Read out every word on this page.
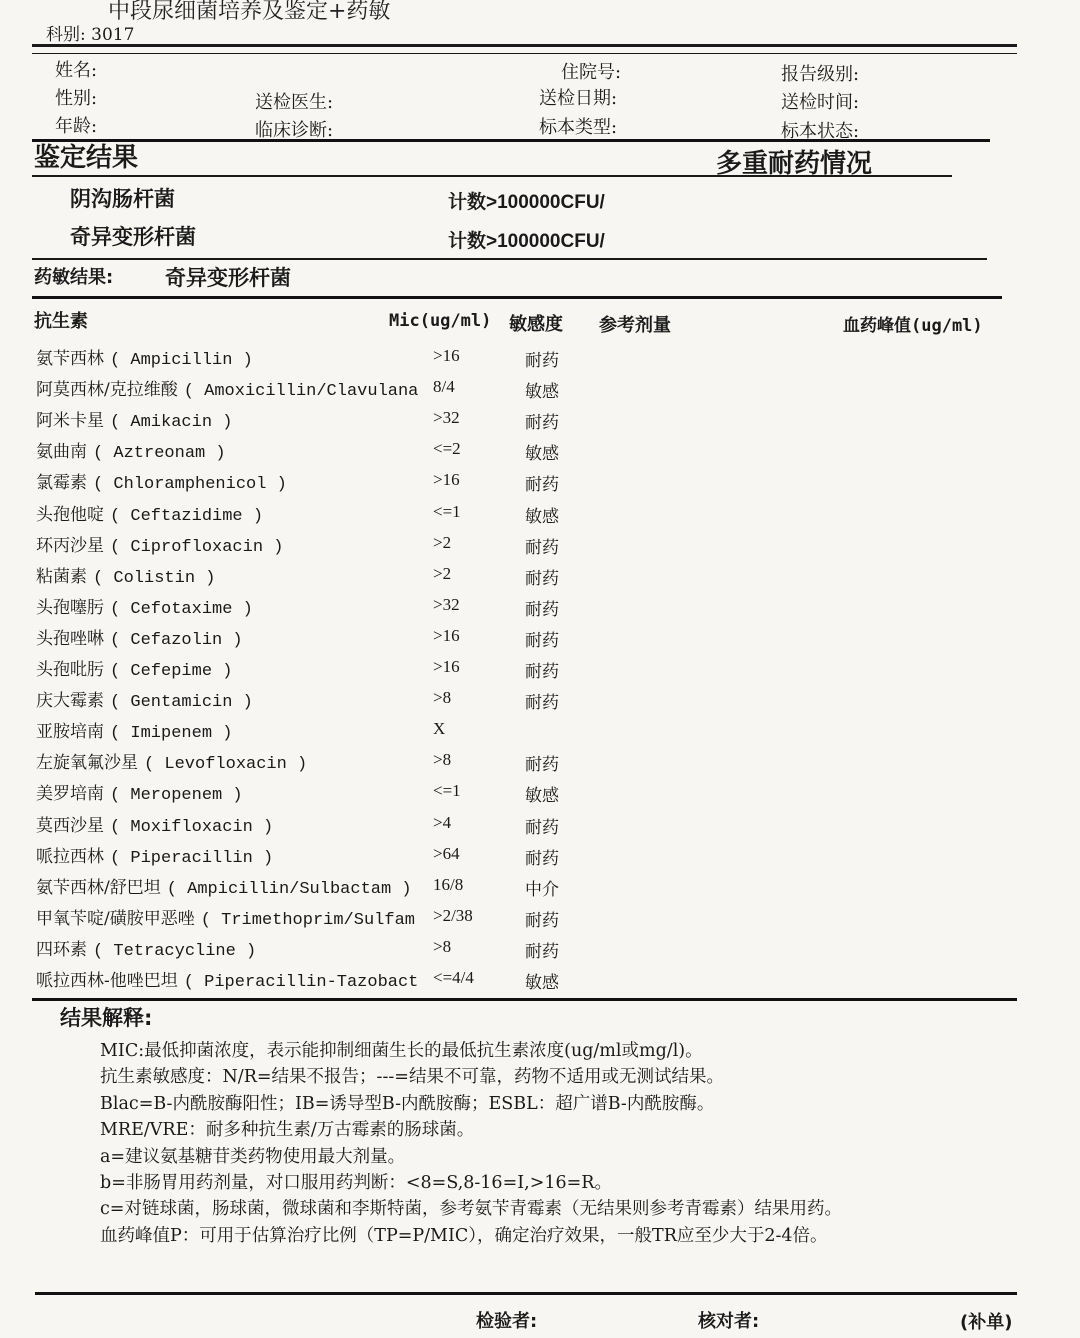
中段尿细菌培养及鉴定+药敏
科别: 3017
姓名:
性别:
年龄:
送检医生:
临床诊断:
住院号:
送检日期:
标本类型:
报告级别:
送检时间:
标本状态:
鉴定结果	多重耐药情况
阴沟肠杆菌	计数>100000CFU/
奇异变形杆菌	计数>100000CFU/
药敏结果: 奇异变形杆菌
抗生素	Mic(ug/ml) 敏感度 参考剂量	血药峰值(ug/ml)
氨苄西林 ( Ampicillin )	>16	耐药
阿莫西林/克拉维酸 ( Amoxicillin/Clavulana 8/4	敏感
阿米卡星 ( Amikacin )	>32	耐药
氨曲南 ( Aztreonam )	<=2	敏感
氯霉素 ( Chloramphenicol )	>16	耐药
头孢他啶 ( Ceftazidime )	<=1	敏感
环丙沙星 ( Ciprofloxacin )	>2	耐药
粘菌素 ( Colistin )	>2	耐药
头孢噻肟 ( Cefotaxime )	>32	耐药
头孢唑啉 ( Cefazolin )	>16	耐药
头孢吡肟 ( Cefepime )	>16	耐药
庆大霉素 ( Gentamicin )	>8	耐药
亚胺培南 ( Imipenem )	X
左旋氧氟沙星 ( Levofloxacin )	>8	耐药
美罗培南 ( Meropenem )	<=1	敏感
莫西沙星 ( Moxifloxacin )	>4	耐药
哌拉西林 ( Piperacillin )	>64	耐药
氨苄西林/舒巴坦 ( Ampicillin/Sulbactam ) 16/8	中介
甲氧苄啶/磺胺甲恶唑 ( Trimethoprim/Sulfam >2/38	耐药
四环素 ( Tetracycline )	>8	耐药
哌拉西林-他唑巴坦 ( Piperacillin-Tazobact <=4/4	敏感
结果解释:
MIC:最低抑菌浓度，表示能抑制细菌生长的最低抗生素浓度(ug/ml或mg/l)。
抗生素敏感度：N/R=结果不报告；---=结果不可靠，药物不适用或无测试结果。
Blac=B-内酰胺酶阳性；IB=诱导型B-内酰胺酶；ESBL：超广谱B-内酰胺酶。
MRE/VRE：耐多种抗生素/万古霉素的肠球菌。
a=建议氨基糖苷类药物使用最大剂量。
b=非肠胃用药剂量，对口服用药判断：<8=S,8-16=I,>16=R。
c=对链球菌，肠球菌，微球菌和李斯特菌，参考氨苄青霉素（无结果则参考青霉素）结果用药。
血药峰值P：可用于估算治疗比例（TP=P/MIC），确定治疗效果，一般TR应至少大于2-4倍。
检验者:	核对者:	(补单)
